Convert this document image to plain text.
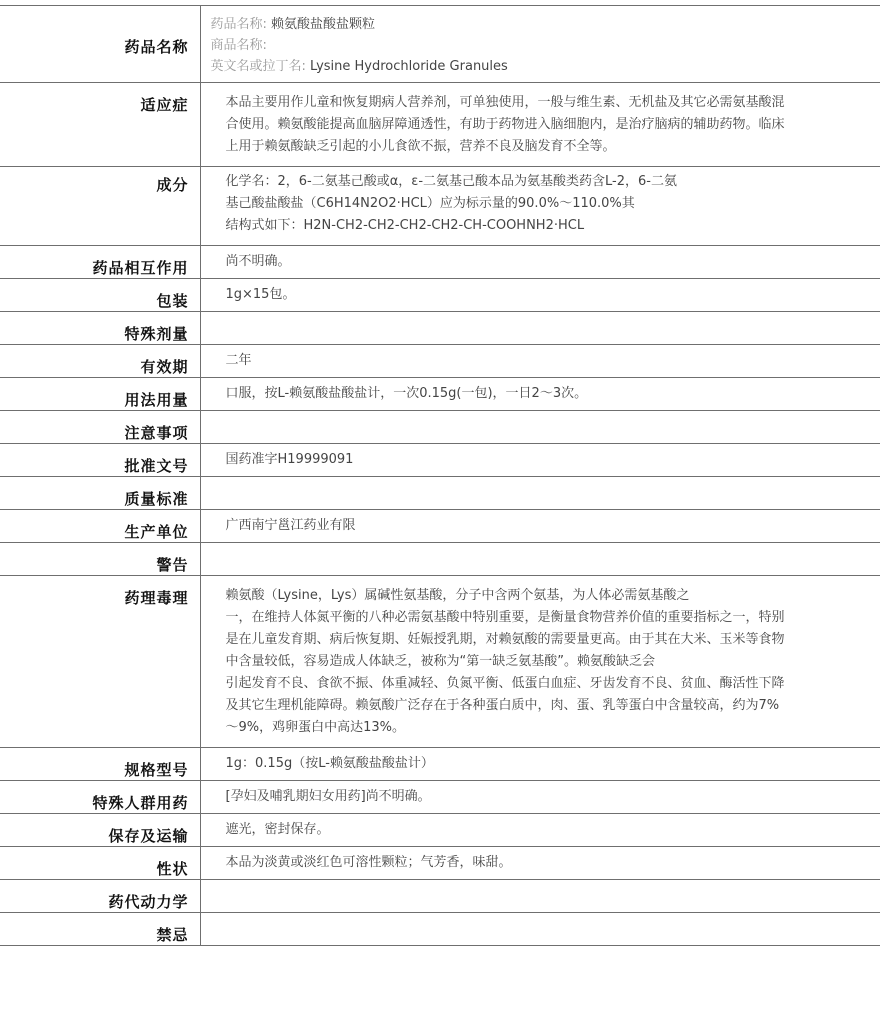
药品名称	药品名称: 赖氨酸盐酸盐颗粒
商品名称:
英文名或拉丁名: Lysine Hydrochloride Granules

适应症	本品主要用作儿童和恢复期病人营养剂，可单独使用，一般与维生素、无机盐及其它必需氨基酸混合使用。赖氨酸能提高血脑屏障通透性，有助于药物进入脑细胞内，是治疗脑病的辅助药物。临床上用于赖氨酸缺乏引起的小儿食欲不振，营养不良及脑发育不全等。
成分	化学名：2，6-二氨基己酸或α，ε-二氨基己酸本品为氨基酸类药含L-2，6-二氨
基己酸盐酸盐（C6H14N2O2·HCL）应为标示量的90.0%～110.0%其
结构式如下：H2N-CH2-CH2-CH2-CH2-CH-COOHNH2·HCL

药品相互作用	尚不明确。
包装	1g×15包。
特殊剂量	
有效期	二年
用法用量	口服，按L-赖氨酸盐酸盐计，一次0.15g(一包)，一日2～3次。
注意事项	
批准文号	国药准字H19999091
质量标准	
生产单位	广西南宁邕江药业有限
警告	
药理毒理	赖氨酸（Lysine，Lys）属碱性氨基酸，分子中含两个氨基，为人体必需氨基酸之
一，在维持人体氮平衡的八种必需氨基酸中特别重要，是衡量食物营养价值的重要指标之一，特别是在儿童发育期、病后恢复期、妊娠授乳期，对赖氨酸的需要量更高。由于其在大米、玉米等食物中含量较低，容易造成人体缺乏，被称为“第一缺乏氨基酸”。赖氨酸缺乏会
引起发育不良、食欲不振、体重减轻、负氮平衡、低蛋白血症、牙齿发育不良、贫血、酶活性下降及其它生理机能障碍。赖氨酸广泛存在于各种蛋白质中，肉、蛋、乳等蛋白中含量较高，约为7%～9%，鸡卵蛋白中高达13%。

规格型号	1g：0.15g（按L-赖氨酸盐酸盐计）
特殊人群用药	[孕妇及哺乳期妇女用药]尚不明确。
保存及运输	遮光，密封保存。
性状	本品为淡黄或淡红色可溶性颗粒；气芳香，味甜。
药代动力学	
禁忌	
